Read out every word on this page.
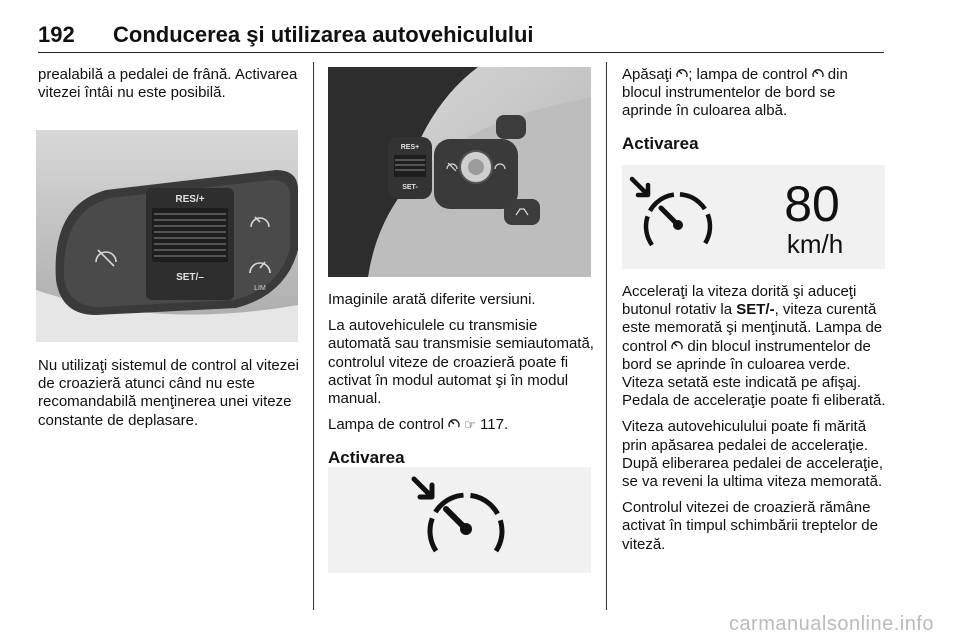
192 Conducerea şi utilizarea autovehiculului

prealabilă a pedalei de frână. Activarea vitezei întâi nu este posibilă.

RES/+
SET/–
LIM

Nu utilizaţi sistemul de control al vitezei de croazieră atunci când nu este recomandabilă menţinerea unei viteze constante de deplasare.

RES+
SET-

Imaginile arată diferite versiuni.

La autovehiculele cu transmisie automată sau transmisie semiautomată, controlul viteze de croazieră poate fi activat în modul automat şi în modul manual.

Lampa de control ☞ 117.

Activarea

Apăsaţi ; lampa de control din blocul instrumentelor de bord se aprinde în culoarea albă.

Activarea
80
km/h

Acceleraţi la viteza dorită şi aduceţi butonul rotativ la SET/-, viteza curentă este memorată şi menţinută. Lampa de control din blocul instrumentelor de bord se aprinde în culoarea verde. Viteza setată este indicată pe afişaj. Pedala de acceleraţie poate fi eliberată.

Viteza autovehiculului poate fi mărită prin apăsarea pedalei de acceleraţie. După eliberarea pedalei de acceleraţie, se va reveni la ultima viteza memorată.

Controlul vitezei de croazieră rămâne activat în timpul schimbării treptelor de viteză.

carmanualsonline.info
